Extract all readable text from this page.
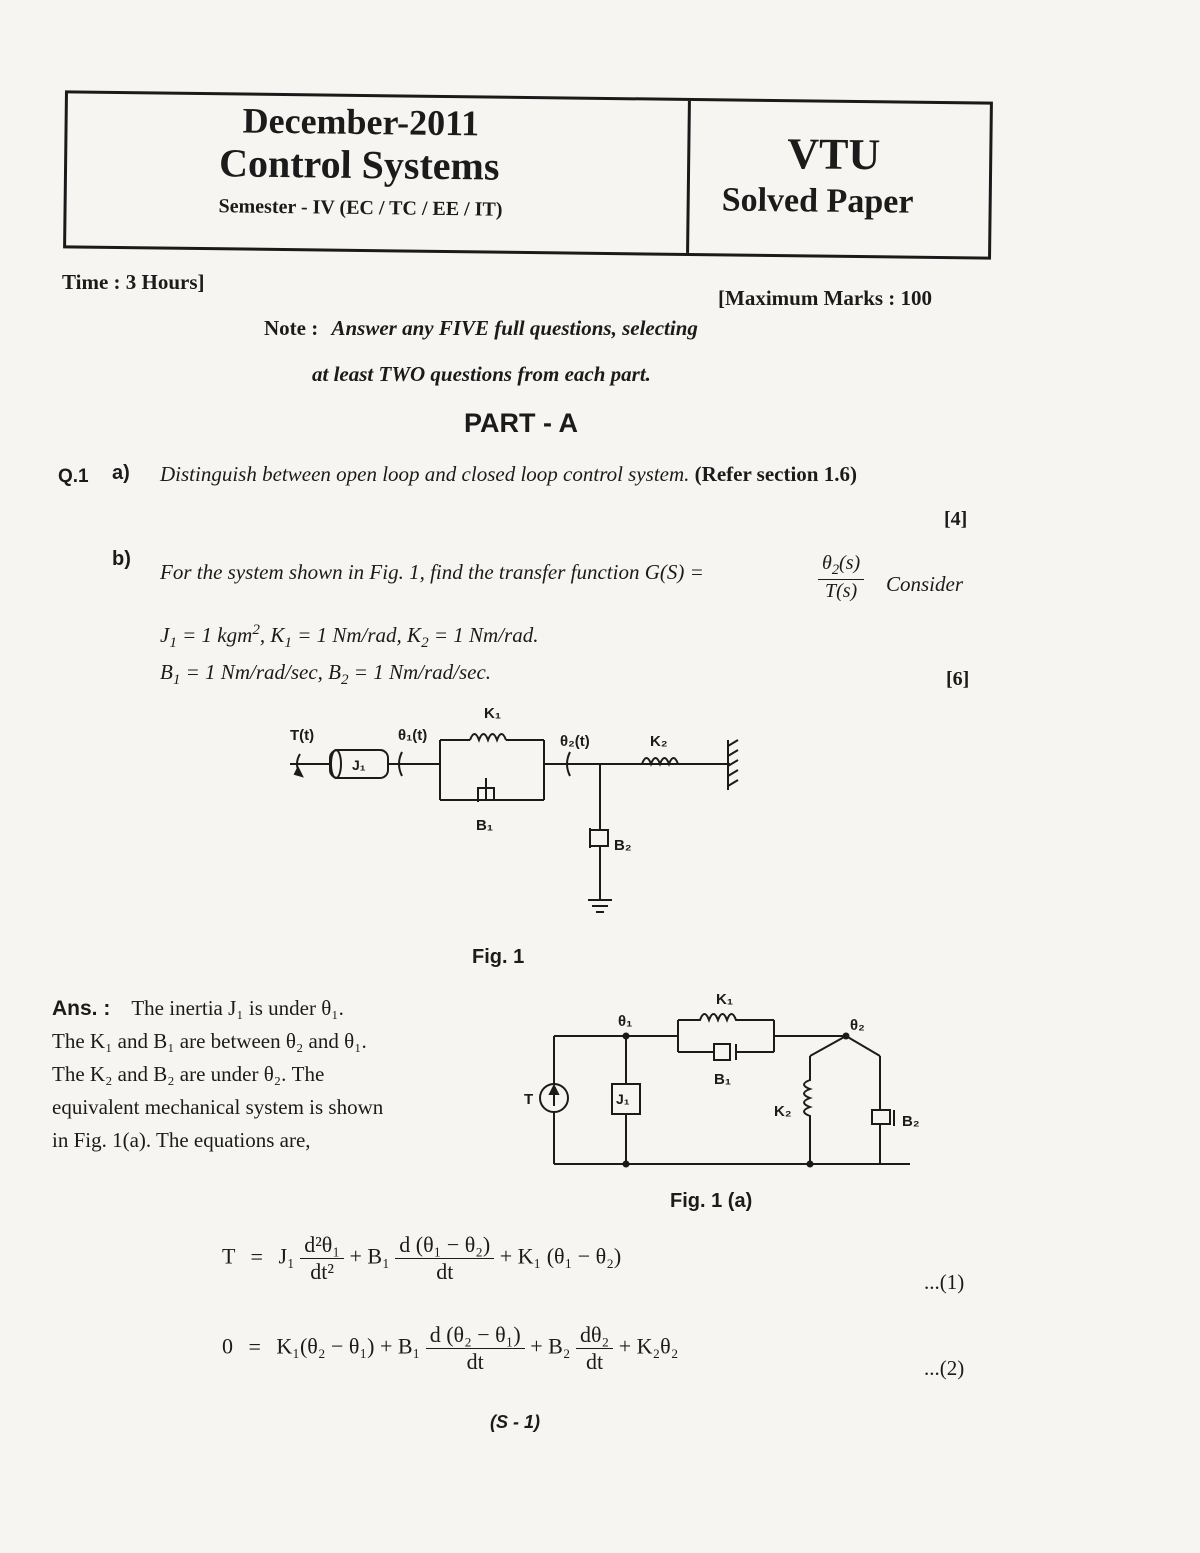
December-2011
Control Systems
Semester - IV (EC / TC / EE / IT)
VTU
Solved Paper
Time : 3 Hours]
[Maximum Marks : 100
Note : Answer any FIVE full questions, selecting
at least TWO questions from each part.
PART - A
Q.1 a) Distinguish between open loop and closed loop control system. (Refer section 1.6)
[4]
b)
For the system shown in Fig. 1, find the transfer function G(S) =	$\frac{\theta_2(s)}{T(s)}$ Consider
$J_1 = 1$ kgm$^2$, $K_1 = 1$ Nm/rad, $K_2 = 1$ Nm/rad.
$B_1 = 1$ Nm/rad/sec, $B_2 = 1$ Nm/rad/sec.	[6]
T(t)	θ₁(t)
J₁
K₁
B₁
θ₂(t)	K₂
B₂
Fig. 1
Ans. : The inertia J₁ is under θ₁.
The K₁ and B₁ are between θ₂ and θ₁.
The K₂ and B₂ are under θ₂. The
equivalent mechanical system is shown
in Fig. 1(a). The equations are,
T
θ₁
J₁
K₁
B₁
θ₂
K₂
B₂
Fig. 1 (a)
$T = J_1 \frac{\text{d²θ₁}}{\text{dt²}} + B_1 \frac{\text{d (θ₁ − θ₂)}}{dt} + K_1$ (θ₁ − θ₂)
...(1)
$0 = K_1(\theta_2 - \theta_1) + B_1 \frac{\text{d (θ₂ − θ₁)}}{dt} + B_2 \frac{\text{dθ₂}}{dt} + K_2\theta_2$
...(2)
(S - 1)
